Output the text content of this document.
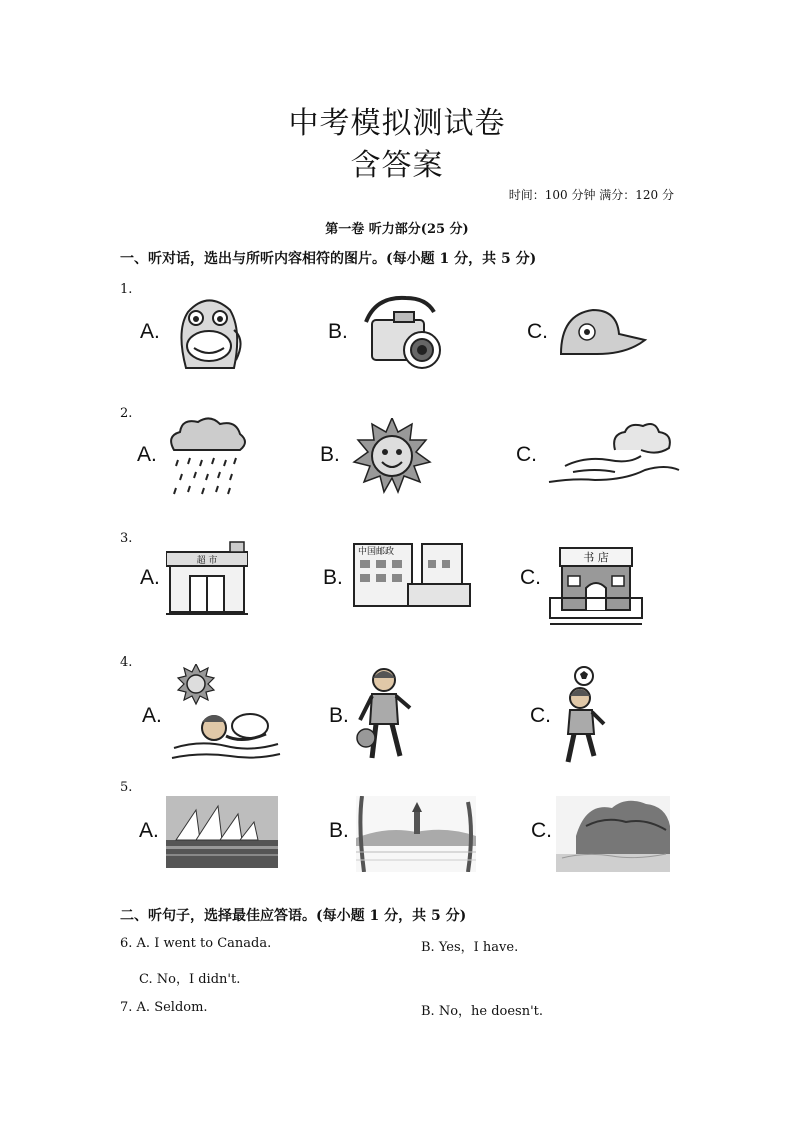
中考模拟测试卷
含答案
时间：100 分钟 满分：120 分
第一卷 听力部分(25 分)
一、听对话，选出与所听内容相符的图片。(每小题 1 分，共 5 分)
1.
2.
3.
4.
5.
A.	B.	C.
A.	B.	C.
A.	B.	C.
A.	B.	C.
A.	B.	C.
超 市
中国邮政	书 店
二、听句子，选择最佳应答语。(每小题 1 分，共 5 分)
6. A. I went to Canada.	B. Yes，I have.
C. No，I didn't.
7. A. Seldom.	B. No，he doesn't.
